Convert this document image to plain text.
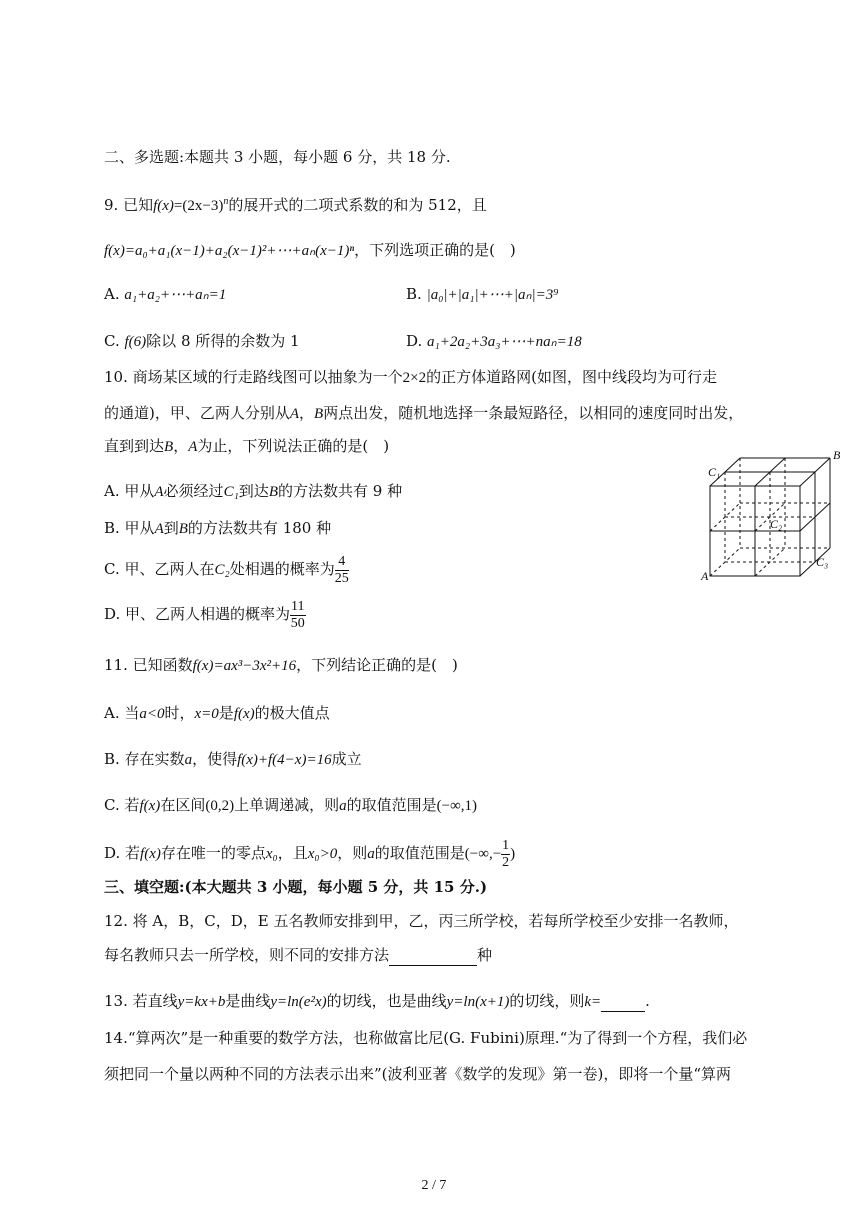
二、多选题:本题共 3 小题，每小题 6 分，共 18 分.
9. 已知$f(x)=(2x-3)^n$的展开式的二项式系数的和为 512，且
f(x)=a₀+a₁(x−1)+a₂(x−1)²+⋯+aₙ(x−1)ⁿ，下列选项正确的是(　)
A. a₁+a₂+⋯+aₙ=1	B. |a₀|+|a₁|+⋯+|aₙ|=3⁹
C. f(6)除以 8 所得的余数为 1	D. a₁+2a₂+3a₃+⋯+naₙ=18
10. 商场某区域的行走路线图可以抽象为一个2×2的正方体道路网(如图，图中线段均为可行走
的通道)，甲、乙两人分别从A，B两点出发，随机地选择一条最短路径，以相同的速度同时出发，
直到到达B，A为止，下列说法正确的是(　)
A. 甲从A必须经过C₁到达B的方法数共有 9 种
B. 甲从A到B的方法数共有 180 种
C. 甲、乙两人在C₂处相遇的概率为 $\frac{4}{25}$
D. 甲、乙两人相遇的概率为 $\frac{11}{50}$
C₁
B
C₂
A
C₃
11. 已知函数f(x)=ax³−3x²+16，下列结论正确的是(　)
A. 当a<0时，x=0是f(x)的极大值点
B. 存在实数a，使得f(x)+f(4−x)=16成立
C. 若f(x)在区间(0,2)上单调递减，则a的取值范围是(−∞,1)
D. 若f(x)存在唯一的零点x₀，且x₀>0，则a的取值范围是(−∞,− $\frac{1}{2}$ )
三、填空题:(本大题共 3 小题，每小题 5 分，共 15 分.)
12. 将 A，B，C，D，E 五名教师安排到甲，乙，丙三所学校，若每所学校至少安排一名教师，
每名教师只去一所学校，则不同的安排方法	种
13. 若直线y=kx+b是曲线y=ln(e²x)的切线，也是曲线y=ln(x+1)的切线，则k=	.
14.“算两次”是一种重要的数学方法，也称做富比尼(G. Fubini)原理.“为了得到一个方程，我们必
须把同一个量以两种不同的方法表示出来”(波利亚著《数学的发现》第一卷)，即将一个量“算两
2 / 7
